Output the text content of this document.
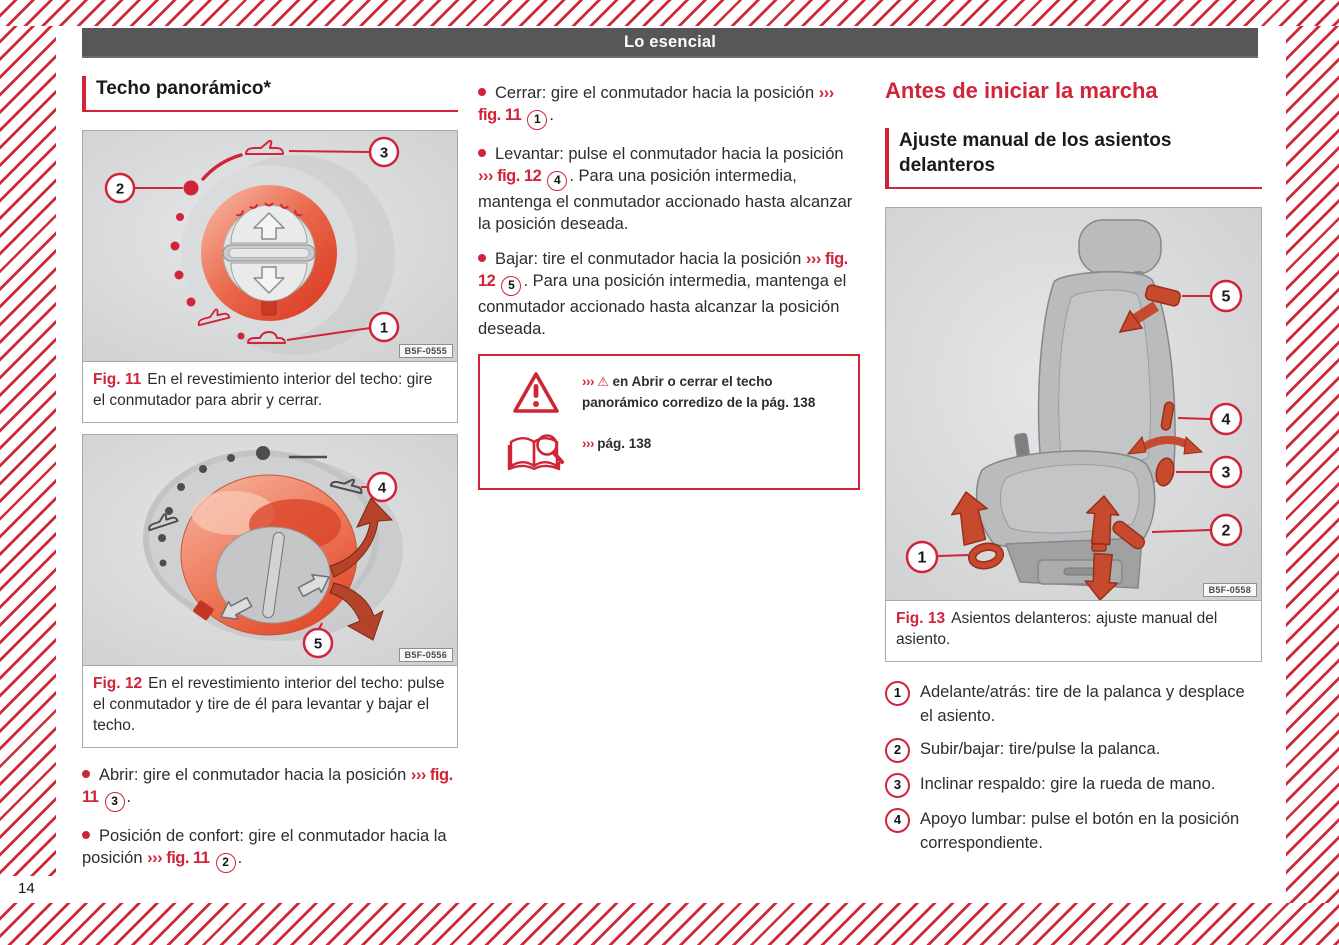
Lo esencial
14
Techo panorámico*
3
2
1
B5F-0555
Fig. 11 En el revestimiento interior del techo: gire el conmutador para abrir y cerrar.
4
5
B5F-0556
Fig. 12 En el revestimiento interior del techo: pulse el conmutador y tire de él para levantar y bajar el techo.

Abrir: gire el conmutador hacia la posición ››› fig. 11 3 .

Posición de confort: gire el conmutador hacia la posición ››› fig. 11 2 .

Cerrar: gire el conmutador hacia la posición ››› fig. 11 1 .

Levantar: pulse el conmutador hacia la posición ››› fig. 12 4 . Para una posición intermedia, mantenga el conmutador accionado hasta alcanzar la posición deseada.

Bajar: tire el conmutador hacia la posición ››› fig. 12 5 . Para una posición intermedia, mantenga el conmutador accionado hasta alcanzar la posición deseada.

››› ⚠ en Abrir o cerrar el techo panorámico corredizo de la pág. 138

››› pág. 138

Antes de iniciar la marcha
Ajuste manual de los asientos delanteros
1
2
3
4
5
B5F-0558
Fig. 13 Asientos delanteros: ajuste manual del asiento.
1	Adelante/atrás: tire de la palanca y desplace el asiento.

2	Subir/bajar: tire/pulse la palanca.

3	Inclinar respaldo: gire la rueda de mano.

4	Apoyo lumbar: pulse el botón en la posición correspondiente.
